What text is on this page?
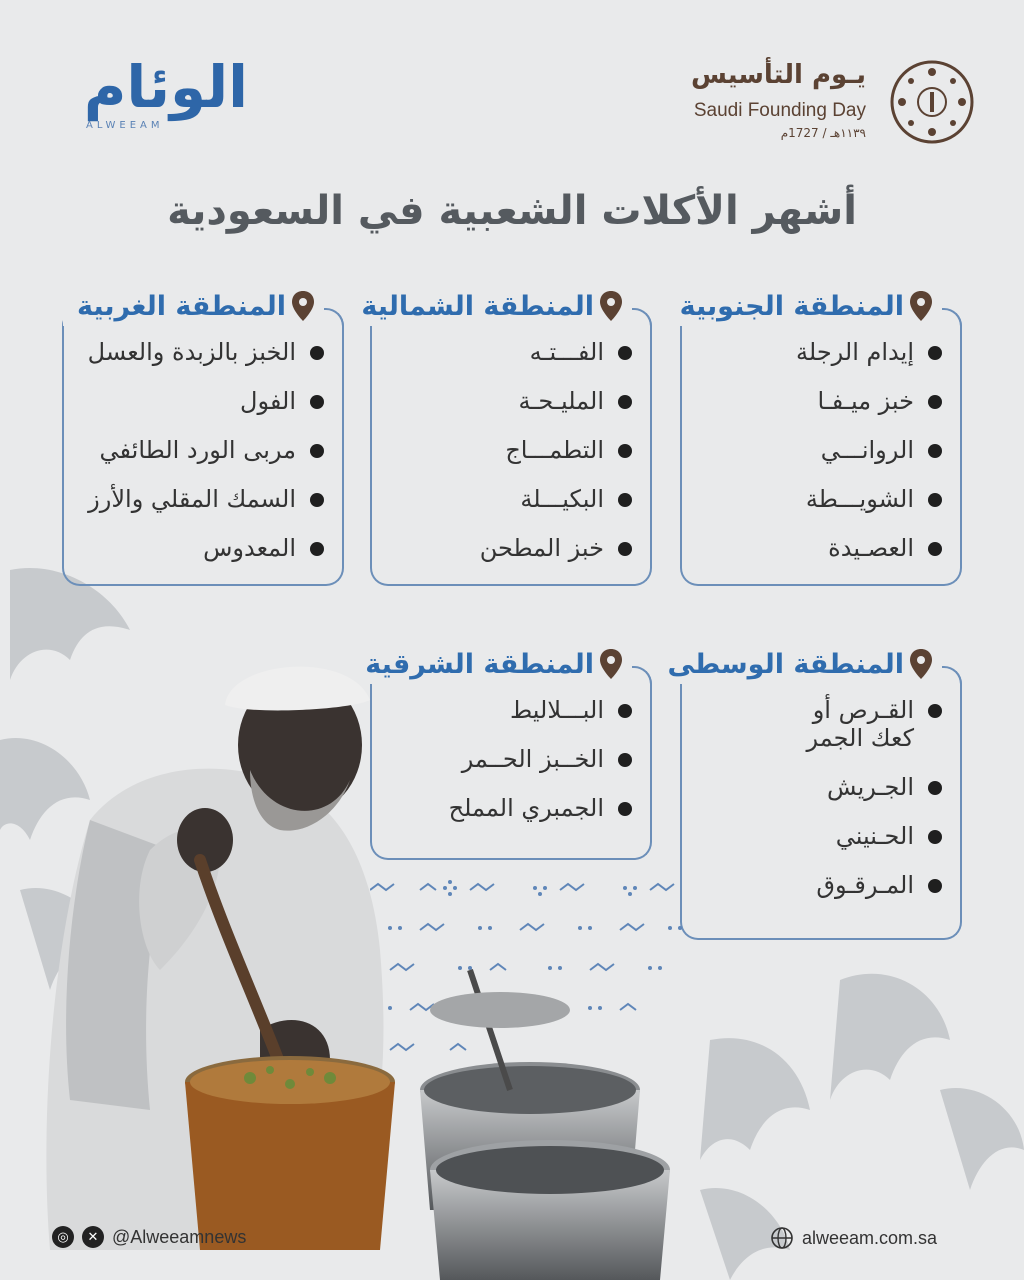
الوئام
ALWEEAM
يـوم التأسيس
Saudi Founding Day
١١٣٩هـ / 1727م
أشهر الأكلات الشعبية في السعودية
المنطقة الجنوبية
إيدام الرجلة
خبز ميـفـا
الروانـــي
الشويـــطة
العصـيدة
المنطقة الشمالية
الفـــتـه
المليـحـة
التطمـــاج
البكيـــلة
خبز المطحن
المنطقة الغربية
الخبز بالزبدة والعسل
الفول
مربى الورد الطائفي
السمك المقلي والأرز
المعدوس
المنطقة الوسطى
القـرص أو
كعك الجمر
الجـريش
الحـنيني
المـرقـوق
المنطقة الشرقية
البـــلاليط
الخــبز الحــمر
الجمبري المملح
◎	✕ @Alweeamnews	alweeam.com.sa
